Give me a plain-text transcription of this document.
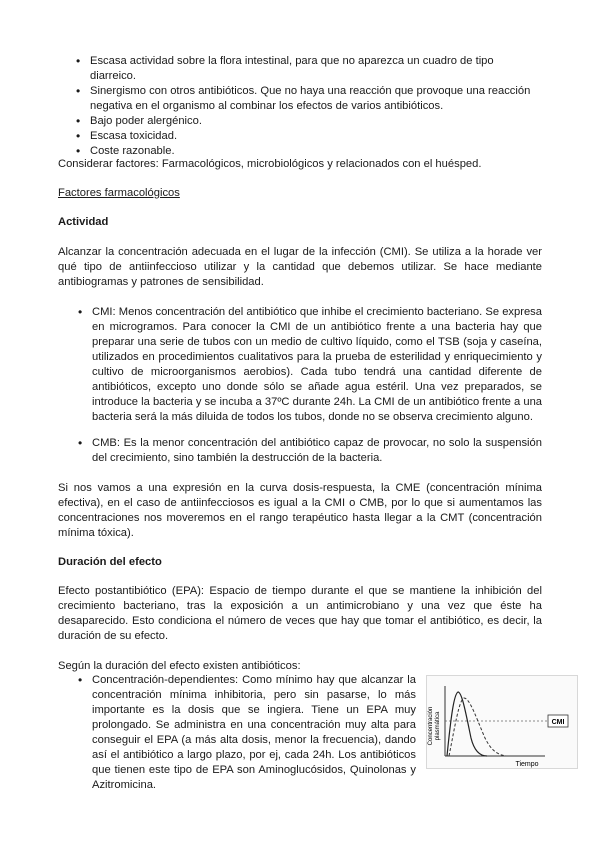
• Escasa actividad sobre la flora intestinal, para que no aparezca un cuadro de tipo diarreico.
• Sinergismo con otros antibióticos. Que no haya una reacción que provoque una reacción negativa en el organismo al combinar los efectos de varios antibióticos.
• Bajo poder alergénico.
• Escasa toxicidad.
• Coste razonable.

Considerar factores: Farmacológicos, microbiológicos y relacionados con el huésped.

Factores farmacológicos

Actividad

Alcanzar la concentración adecuada en el lugar de la infección (CMI). Se utiliza a la horade ver qué tipo de antiinfeccioso utilizar y la cantidad que debemos utilizar. Se hace mediante antibiogramas y patrones de sensibilidad.

• CMI: Menos concentración del antibiótico que inhibe el crecimiento bacteriano. Se expresa en microgramos. Para conocer la CMI de un antibiótico frente a una bacteria hay que preparar una serie de tubos con un medio de cultivo líquido, como el TSB (soja y caseína, utilizados en procedimientos cualitativos para la prueba de esterilidad y enriquecimiento y cultivo de microorganismos aerobios). Cada tubo tendrá una cantidad diferente de antibióticos, excepto uno donde sólo se añade agua estéril. Una vez preparados, se introduce la bacteria y se incuba a 37ºC durante 24h. La CMI de un antibiótico frente a una bacteria será la más diluida de todos los tubos, donde no se observa crecimiento alguno.
• CMB: Es la menor concentración del antibiótico capaz de provocar, no solo la suspensión del crecimiento, sino también la destrucción de la bacteria.

Si nos vamos a una expresión en la curva dosis-respuesta, la CME (concentración mínima efectiva), en el caso de antiinfecciosos es igual a la CMI o CMB, por lo que si aumentamos las concentraciones nos moveremos en el rango terapéutico hasta llegar a la CMT (concentración mínima tóxica).

Duración del efecto

Efecto postantibiótico (EPA): Espacio de tiempo durante el que se mantiene la inhibición del crecimiento bacteriano, tras la exposición a un antimicrobiano y una vez que éste ha desaparecido. Esto condiciona el número de veces que hay que tomar el antibiótico, es decir, la duración de su efecto.

Según la duración del efecto existen antibióticos:

• Concentración-dependientes: Como mínimo hay que alcanzar la concentración mínima inhibitoria, pero sin pasarse, lo más importante es la dosis que se ingiera. Tiene un EPA muy prolongado. Se administra en una concentración muy alta para conseguir el EPA (a más alta dosis, menor la frecuencia), dando así el antibiótico a largo plazo, por ej, cada 24h. Los antibióticos que tienen este tipo de EPA son Aminoglucósidos, Quinolonas y Azitromicina.
CMI
Concentración plasmática
Tiempo
